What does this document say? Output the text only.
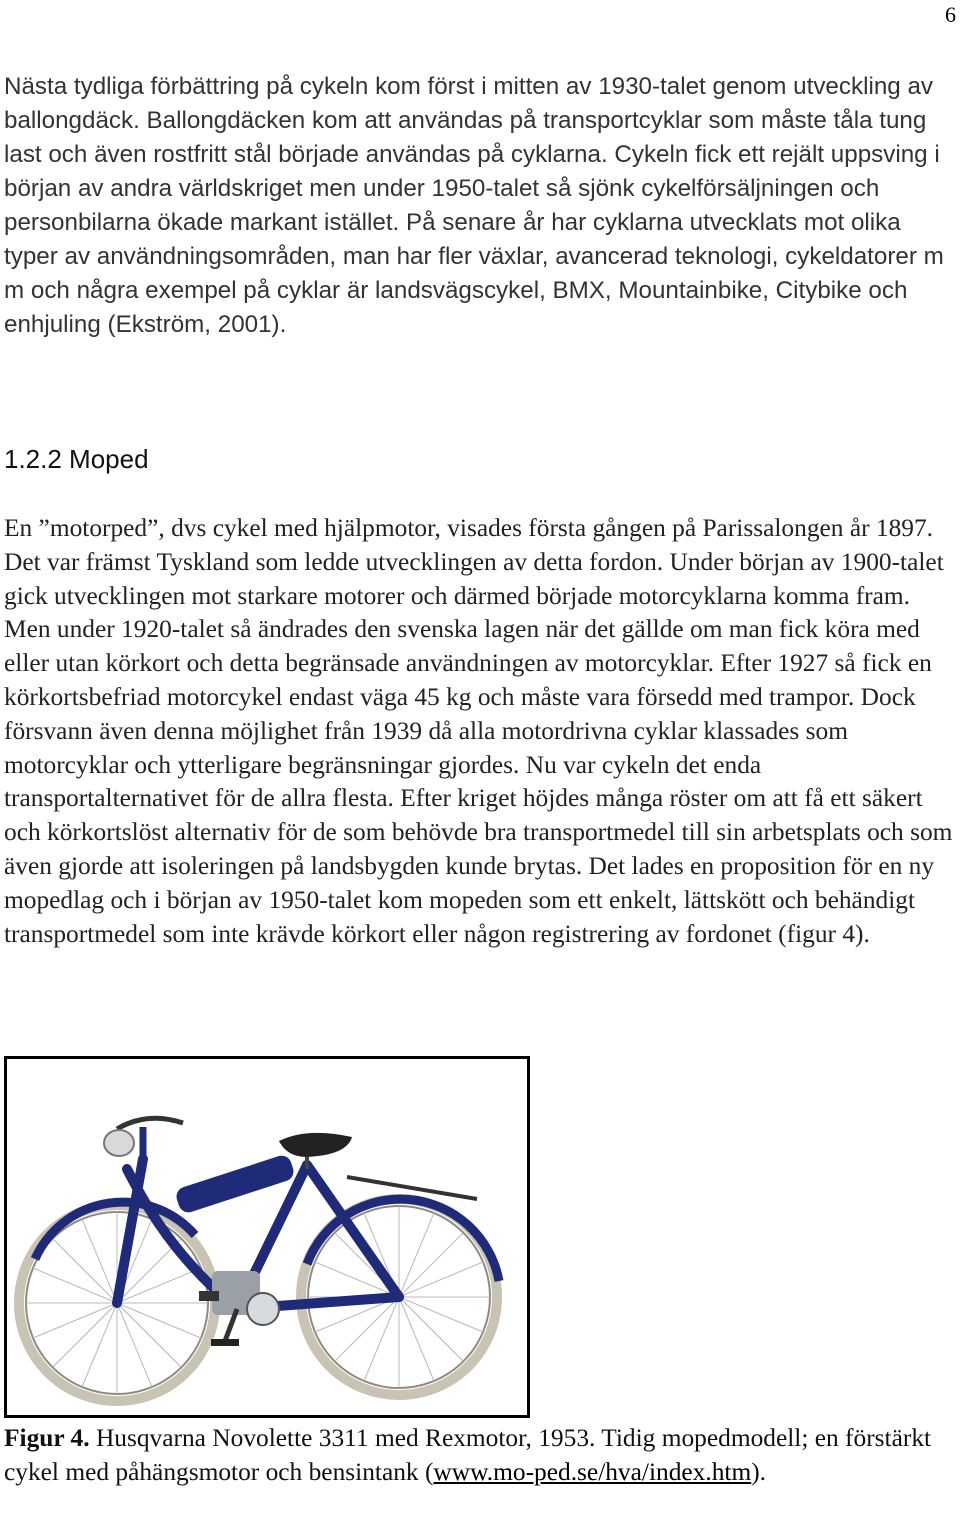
6

Nästa tydliga förbättring på cykeln kom först i mitten av 1930-talet genom utveckling av ballongdäck. Ballongdäcken kom att användas på transportcyklar som måste tåla tung last och även rostfritt stål började användas på cyklarna. Cykeln fick ett rejält uppsving i början av andra världskriget men under 1950-talet så sjönk cykelförsäljningen och personbilarna ökade markant istället. På senare år har cyklarna utvecklats mot olika typer av användningsområden, man har fler växlar, avancerad teknologi, cykeldatorer m m och några exempel på cyklar är landsvägscykel, BMX, Mountainbike, Citybike och enhjuling (Ekström, 2001).

1.2.2 Moped

En ”motorped”, dvs cykel med hjälpmotor, visades första gången på Parissalongen år 1897. Det var främst Tyskland som ledde utvecklingen av detta fordon. Under början av 1900-talet gick utvecklingen mot starkare motorer och därmed började motorcyklarna komma fram. Men under 1920-talet så ändrades den svenska lagen när det gällde om man fick köra med eller utan körkort och detta begränsade användningen av motorcyklar. Efter 1927 så fick en körkortsbefriad motorcykel endast väga 45 kg och måste vara försedd med trampor. Dock försvann även denna möjlighet från 1939 då alla motordrivna cyklar klassades som motorcyklar och ytterligare begränsningar gjordes. Nu var cykeln det enda transportalternativet för de allra flesta. Efter kriget höjdes många röster om att få ett säkert och körkortslöst alternativ för de som behövde bra transportmedel till sin arbetsplats och som även gjorde att isoleringen på landsbygden kunde brytas. Det lades en proposition för en ny mopedlag och i början av 1950-talet kom mopeden som ett enkelt, lättskött och behändigt transportmedel som inte krävde körkort eller någon registrering av fordonet (figur 4).

Figur 4. Husqvarna Novolette 3311 med Rexmotor, 1953. Tidig mopedmodell; en förstärkt cykel med påhängsmotor och bensintank (www.mo-ped.se/hva/index.htm).
